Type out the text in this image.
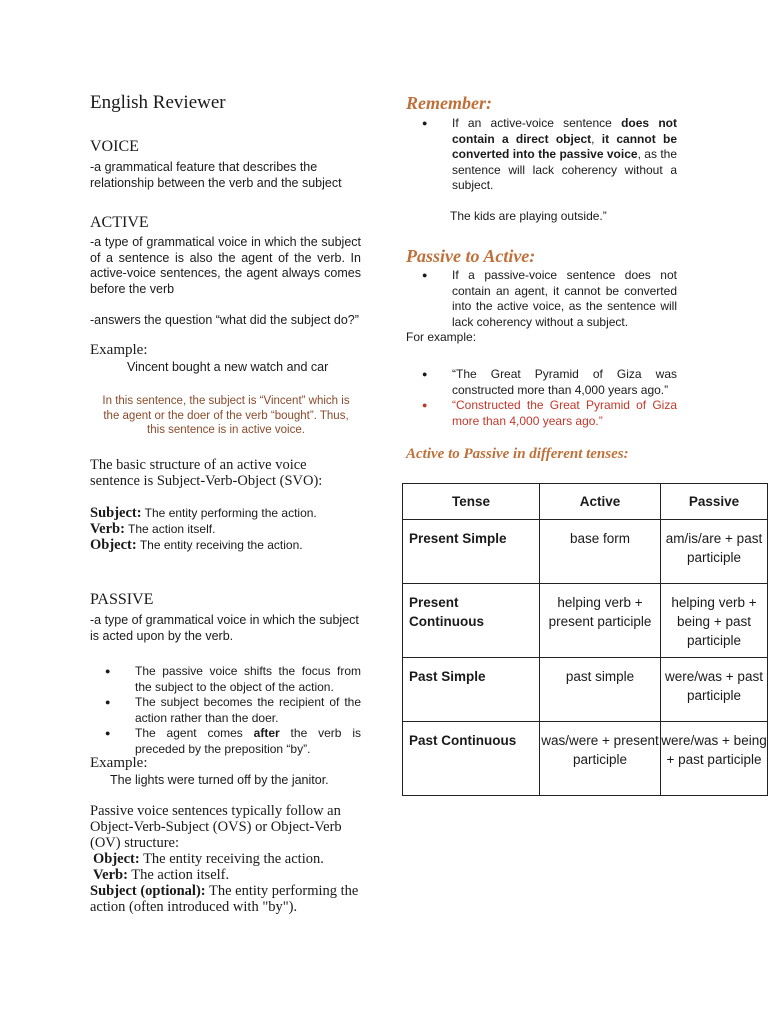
English Reviewer
VOICE
-a grammatical feature that describes the relationship between the verb and the subject
ACTIVE
-a type of grammatical voice in which the subject of a sentence is also the agent of the verb. In active-voice sentences, the agent always comes before the verb
-answers the question “what did the subject do?”
Example:
Vincent bought a new watch and car
In this sentence, the subject is “Vincent” which is the agent or the doer of the verb “bought”. Thus, this sentence is in active voice.
The basic structure of an active voice sentence is Subject-Verb-Object (SVO):
Subject: The entity performing the action.
Verb: The action itself.
Object: The entity receiving the action.
PASSIVE
-a type of grammatical voice in which the subject is acted upon by the verb.
● The passive voice shifts the focus from the subject to the object of the action.
● The subject becomes the recipient of the action rather than the doer.
● The agent comes after the verb is preceded by the preposition “by”.
Example:
The lights were turned off by the janitor.
Passive voice sentences typically follow an Object-Verb-Subject (OVS) or Object-Verb (OV) structure:
Object: The entity receiving the action.
Verb: The action itself.
Subject (optional): The entity performing the action (often introduced with "by").
Remember:
● If an active-voice sentence does not contain a direct object, it cannot be converted into the passive voice, as the sentence will lack coherency without a subject.
The kids are playing outside.”
Passive to Active:
● If a passive-voice sentence does not contain an agent, it cannot be converted into the active voice, as the sentence will lack coherency without a subject.
For example:
● “The Great Pyramid of Giza was constructed more than 4,000 years ago.”
● “Constructed the Great Pyramid of Giza more than 4,000 years ago.”
Active to Passive in different tenses:
Tense	Active	Passive
Present Simple	base form	am/is/are + past participle
Present Continuous	helping verb + present participle	helping verb + being + past participle
Past Simple	past simple	were/was + past participle
Past Continuous	was/were + present participle	were/was + being + past participle
